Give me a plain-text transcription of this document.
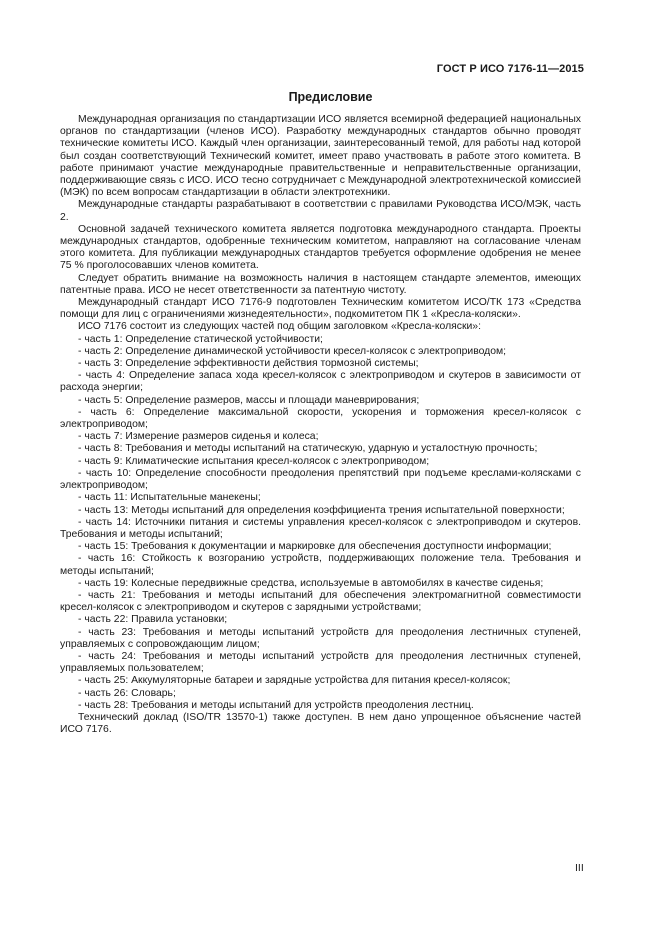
ГОСТ Р ИСО 7176-11—2015
Предисловие

Международная организация по стандартизации ИСО является всемирной федерацией национальных органов по стандартизации (членов ИСО). Разработку международных стандартов обычно проводят технические комитеты ИСО. Каждый член организации, заинтересованный темой, для работы над которой был создан соответствующий Технический комитет, имеет право участвовать в работе этого комитета. В работе принимают участие международные правительственные и неправительственные организации, поддерживающие связь с ИСО. ИСО тесно сотрудничает с Международной электротехнической комиссией (МЭК) по всем вопросам стандартизации в области электротехники.

Международные стандарты разрабатывают в соответствии с правилами Руководства ИСО/МЭК, часть 2.

Основной задачей технического комитета является подготовка международного стандарта. Проекты международных стандартов, одобренные техническим комитетом, направляют на согласование членам этого комитета. Для публикации международных стандартов требуется оформление одобрения не менее 75 % проголосовавших членов комитета.

Следует обратить внимание на возможность наличия в настоящем стандарте элементов, имеющих патентные права. ИСО не несет ответственности за патентную чистоту.

Международный стандарт ИСО 7176-9 подготовлен Техническим комитетом ИСО/ТК 173 «Средства помощи для лиц с ограничениями жизнедеятельности», подкомитетом ПК 1 «Кресла-коляски».

ИСО 7176 состоит из следующих частей под общим заголовком «Кресла-коляски»:

- часть 1: Определение статической устойчивости;
- часть 2: Определение динамической устойчивости кресел-колясок с электроприводом;
- часть 3: Определение эффективности действия тормозной системы;
- часть 4: Определение запаса хода кресел-колясок с электроприводом и скутеров в зависимости от расхода энергии;
- часть 5: Определение размеров, массы и площади маневрирования;
- часть 6: Определение максимальной скорости, ускорения и торможения кресел-колясок с электроприводом;
- часть 7: Измерение размеров сиденья и колеса;
- часть 8: Требования и методы испытаний на статическую, ударную и усталостную прочность;
- часть 9: Климатические испытания кресел-колясок с электроприводом;
- часть 10: Определение способности преодоления препятствий при подъеме креслами-колясками с электроприводом;
- часть 11: Испытательные манекены;
- часть 13: Методы испытаний для определения коэффициента трения испытательной поверхности;
- часть 14: Источники питания и системы управления кресел-колясок с электроприводом и скутеров. Требования и методы испытаний;
- часть 15: Требования к документации и маркировке для обеспечения доступности информации;
- часть 16: Стойкость к возгоранию устройств, поддерживающих положение тела. Требования и методы испытаний;
- часть 19: Колесные передвижные средства, используемые в автомобилях в качестве сиденья;
- часть 21: Требования и методы испытаний для обеспечения электромагнитной совместимости кресел-колясок с электроприводом и скутеров с зарядными устройствами;
- часть 22: Правила установки;
- часть 23: Требования и методы испытаний устройств для преодоления лестничных ступеней, управляемых с сопровождающим лицом;
- часть 24: Требования и методы испытаний устройств для преодоления лестничных ступеней, управляемых пользователем;
- часть 25: Аккумуляторные батареи и зарядные устройства для питания кресел-колясок;
- часть 26: Словарь;
- часть 28: Требования и методы испытаний для устройств преодоления лестниц.

Технический доклад (ISO/TR 13570-1) также доступен. В нем дано упрощенное объяснение частей ИСО 7176.

III
